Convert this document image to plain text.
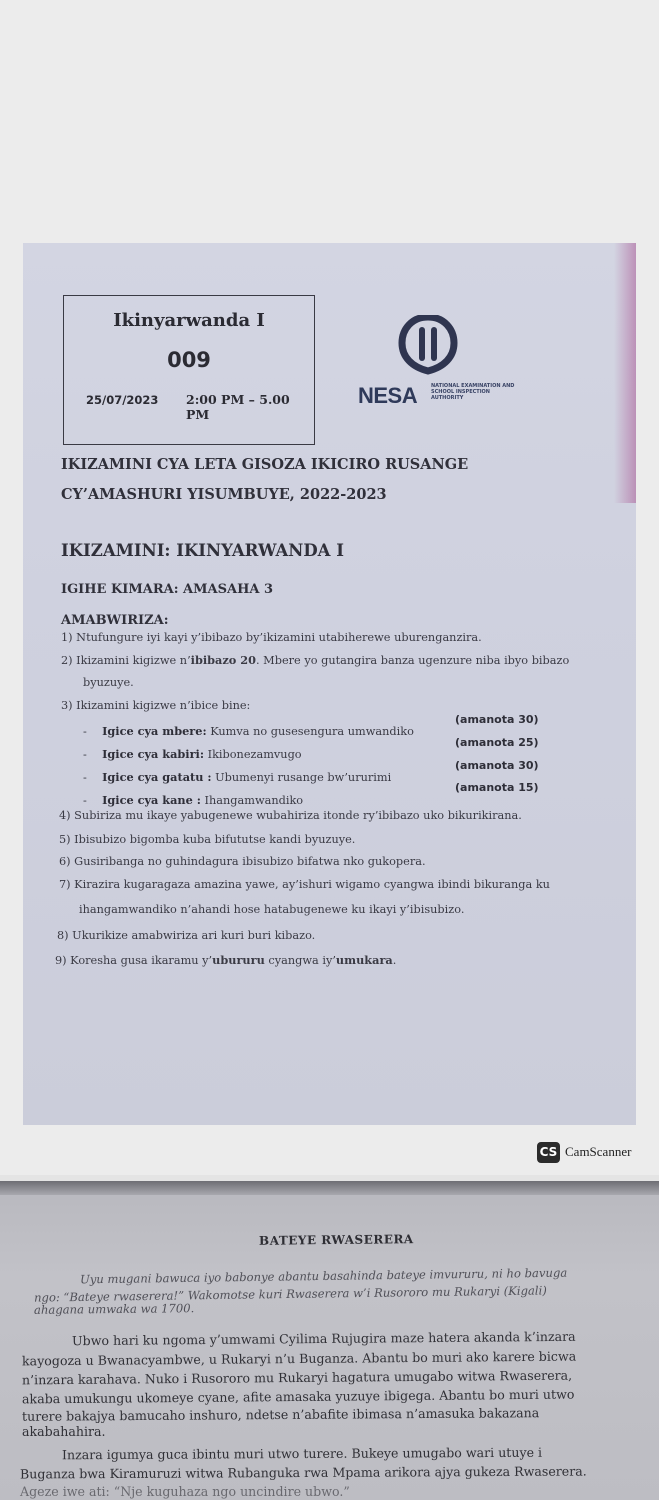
Ikinyarwanda I
009
25/07/2023 2:00 PM – 5.00 PM
NESA	NATIONAL EXAMINATION AND
SCHOOL INSPECTION
AUTHORITY
IKIZAMINI CYA LETA GISOZA IKICIRO RUSANGE
CY’AMASHURI YISUMBUYE, 2022-2023
IKIZAMINI: IKINYARWANDA I
IGIHE KIMARA: AMASAHA 3
AMABWIRIZA:
1) Ntufungure iyi kayi y’ibibazo by’ikizamini utabiherewe uburenganzira.
2) Ikizamini kigizwe n’ibibazo 20. Mbere yo gutangira banza ugenzure niba ibyo bibazo
byuzuye.
3) Ikizamini kigizwe n’ibice bine:
- Igice cya mbere: Kumva no gusesengura umwandiko
(amanota 30)
- Igice cya kabiri: Ikibonezamvugo
(amanota 25)
- Igice cya gatatu : Ubumenyi rusange bw’ururimi
(amanota 30)
- Igice cya kane : Ihangamwandiko
(amanota 15)
4) Subiriza mu ikaye yabugenewe wubahiriza itonde ry’ibibazo uko bikurikirana.
5) Ibisubizo bigomba kuba bifututse kandi byuzuye.
6) Gusiribanga no guhindagura ibisubizo bifatwa nko gukopera.
7) Kirazira kugaragaza amazina yawe, ay’ishuri wigamo cyangwa ibindi bikuranga ku
ihangamwandiko n’ahandi hose hatabugenewe ku ikayi y’ibisubizo.
8) Ukurikize amabwiriza ari kuri buri kibazo.
9) Koresha gusa ikaramu y’ubururu cyangwa iy’umukara.
CS CamScanner
BATEYE RWASERERA
Uyu mugani bawuca iyo babonye abantu basahinda bateye imvururu, ni ho bavuga
ngo: “Bateye rwaserera!” Wakomotse kuri Rwaserera w’i Rusororo mu Rukaryi (Kigali)
ahagana umwaka wa 1700.
Ubwo hari ku ngoma y’umwami Cyilima Rujugira maze hatera akanda k’inzara
kayogoza u Bwanacyambwe, u Rukaryi n’u Buganza. Abantu bo muri ako karere bicwa
n’inzara karahava. Nuko i Rusororo mu Rukaryi hagatura umugabo witwa Rwaserera,
akaba umukungu ukomeye cyane, afite amasaka yuzuye ibigega. Abantu bo muri utwo
turere bakajya bamucaho inshuro, ndetse n’abafite ibimasa n’amasuka bakazana
akabahahira.
Inzara igumya guca ibintu muri utwo turere. Bukeye umugabo wari utuye i
Buganza bwa Kiramuruzi witwa Rubanguka rwa Mpama arikora ajya gukeza Rwaserera.
Ageze iwe ati: “Nje kuguhaza ngo uncindire ubwo.”
